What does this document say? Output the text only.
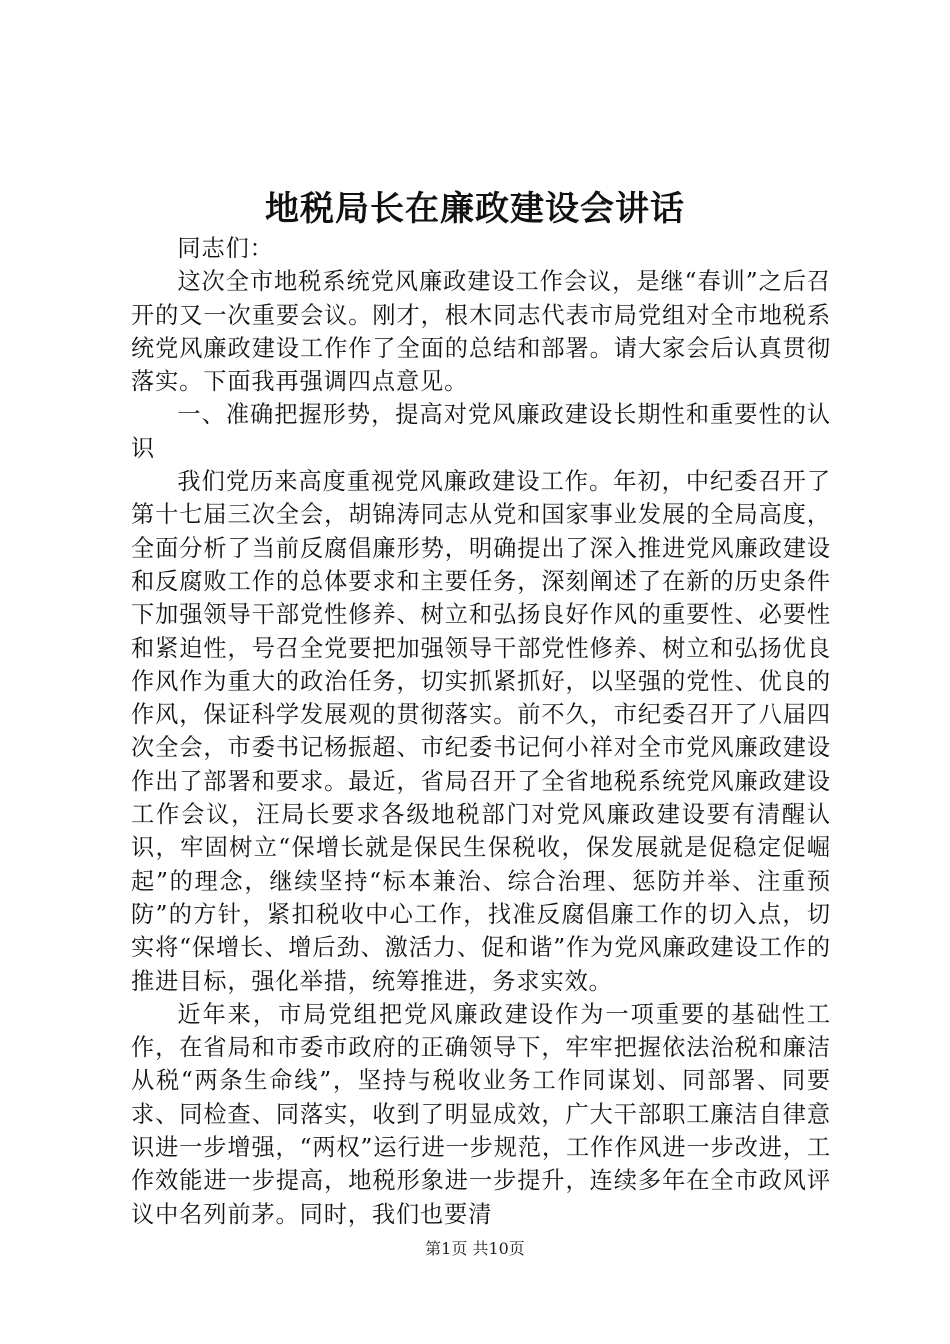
地税局长在廉政建设会讲话

同志们：

这次全市地税系统党风廉政建设工作会议，是继“春训”之后召开的又一次重要会议。刚才，根木同志代表市局党组对全市地税系统党风廉政建设工作作了全面的总结和部署。请大家会后认真贯彻落实。下面我再强调四点意见。

一、准确把握形势，提高对党风廉政建设长期性和重要性的认识

我们党历来高度重视党风廉政建设工作。年初，中纪委召开了第十七届三次全会，胡锦涛同志从党和国家事业发展的全局高度，全面分析了当前反腐倡廉形势，明确提出了深入推进党风廉政建设和反腐败工作的总体要求和主要任务，深刻阐述了在新的历史条件下加强领导干部党性修养、树立和弘扬良好作风的重要性、必要性和紧迫性，号召全党要把加强领导干部党性修养、树立和弘扬优良作风作为重大的政治任务，切实抓紧抓好，以坚强的党性、优良的作风，保证科学发展观的贯彻落实。前不久，市纪委召开了八届四次全会，市委书记杨振超、市纪委书记何小祥对全市党风廉政建设作出了部署和要求。最近，省局召开了全省地税系统党风廉政建设工作会议，汪局长要求各级地税部门对党风廉政建设要有清醒认识，牢固树立“保增长就是保民生保税收，保发展就是促稳定促崛起”的理念，继续坚持“标本兼治、综合治理、惩防并举、注重预防”的方针，紧扣税收中心工作，找准反腐倡廉工作的切入点，切实将“保增长、增后劲、激活力、促和谐”作为党风廉政建设工作的推进目标，强化举措，统筹推进，务求实效。

近年来，市局党组把党风廉政建设作为一项重要的基础性工作，在省局和市委市政府的正确领导下，牢牢把握依法治税和廉洁从税“两条生命线”，坚持与税收业务工作同谋划、同部署、同要求、同检查、同落实，收到了明显成效，广大干部职工廉洁自律意识进一步增强，“两权”运行进一步规范，工作作风进一步改进，工作效能进一步提高，地税形象进一步提升，连续多年在全市政风评议中名列前茅。同时，我们也要清

第1页 共10页
